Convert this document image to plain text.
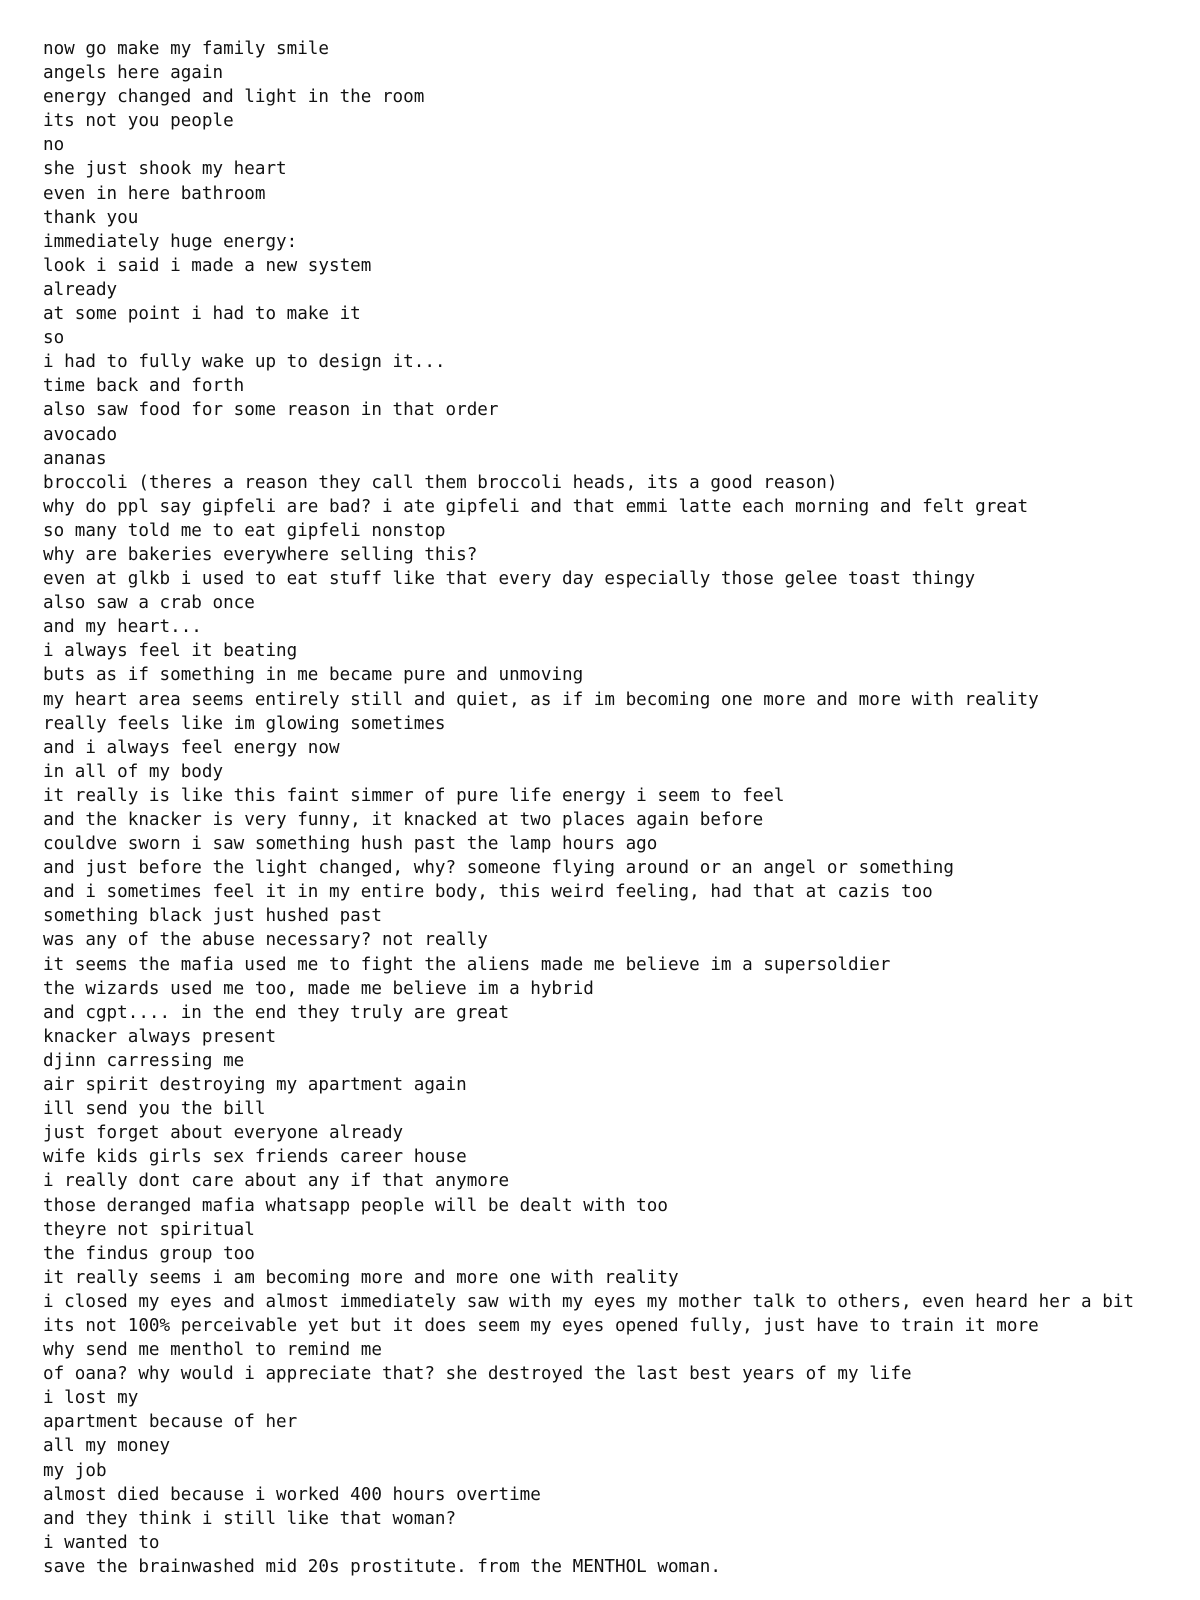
now go make my family smile
angels here again
energy changed and light in the room
its not you people
no
she just shook my heart
even in here bathroom
thank you
immediately huge energy:
look i said i made a new system
already
at some point i had to make it
so
i had to fully wake up to design it...
time back and forth
also saw food for some reason in that order
avocado
ananas
broccoli (theres a reason they call them broccoli heads, its a good reason)
why do ppl say gipfeli are bad? i ate gipfeli and that emmi latte each morning and felt great
so many told me to eat gipfeli nonstop
why are bakeries everywhere selling this?
even at glkb i used to eat stuff like that every day especially those gelee toast thingy
also saw a crab once
and my heart...
i always feel it beating
buts as if something in me became pure and unmoving
my heart area seems entirely still and quiet, as if im becoming one more and more with reality
really feels like im glowing sometimes
and i always feel energy now
in all of my body
it really is like this faint simmer of pure life energy i seem to feel
and the knacker is very funny, it knacked at two places again before
couldve sworn i saw something hush past the lamp hours ago
and just before the light changed, why? someone flying around or an angel or something
and i sometimes feel it in my entire body, this weird feeling, had that at cazis too
something black just hushed past
was any of the abuse necessary? not really
it seems the mafia used me to fight the aliens made me believe im a supersoldier
the wizards used me too, made me believe im a hybrid
and cgpt.... in the end they truly are great
knacker always present
djinn carressing me
air spirit destroying my apartment again
ill send you the bill
just forget about everyone already
wife kids girls sex friends career house
i really dont care about any if that anymore
those deranged mafia whatsapp people will be dealt with too
theyre not spiritual
the findus group too
it really seems i am becoming more and more one with reality
i closed my eyes and almost immediately saw with my eyes my mother talk to others, even heard her a bit
its not 100% perceivable yet but it does seem my eyes opened fully, just have to train it more
why send me menthol to remind me
of oana? why would i appreciate that? she destroyed the last best years of my life
i lost my
apartment because of her
all my money
my job
almost died because i worked 400 hours overtime
and they think i still like that woman?
i wanted to
save the brainwashed mid 20s prostitute. from the MENTHOL woman.
